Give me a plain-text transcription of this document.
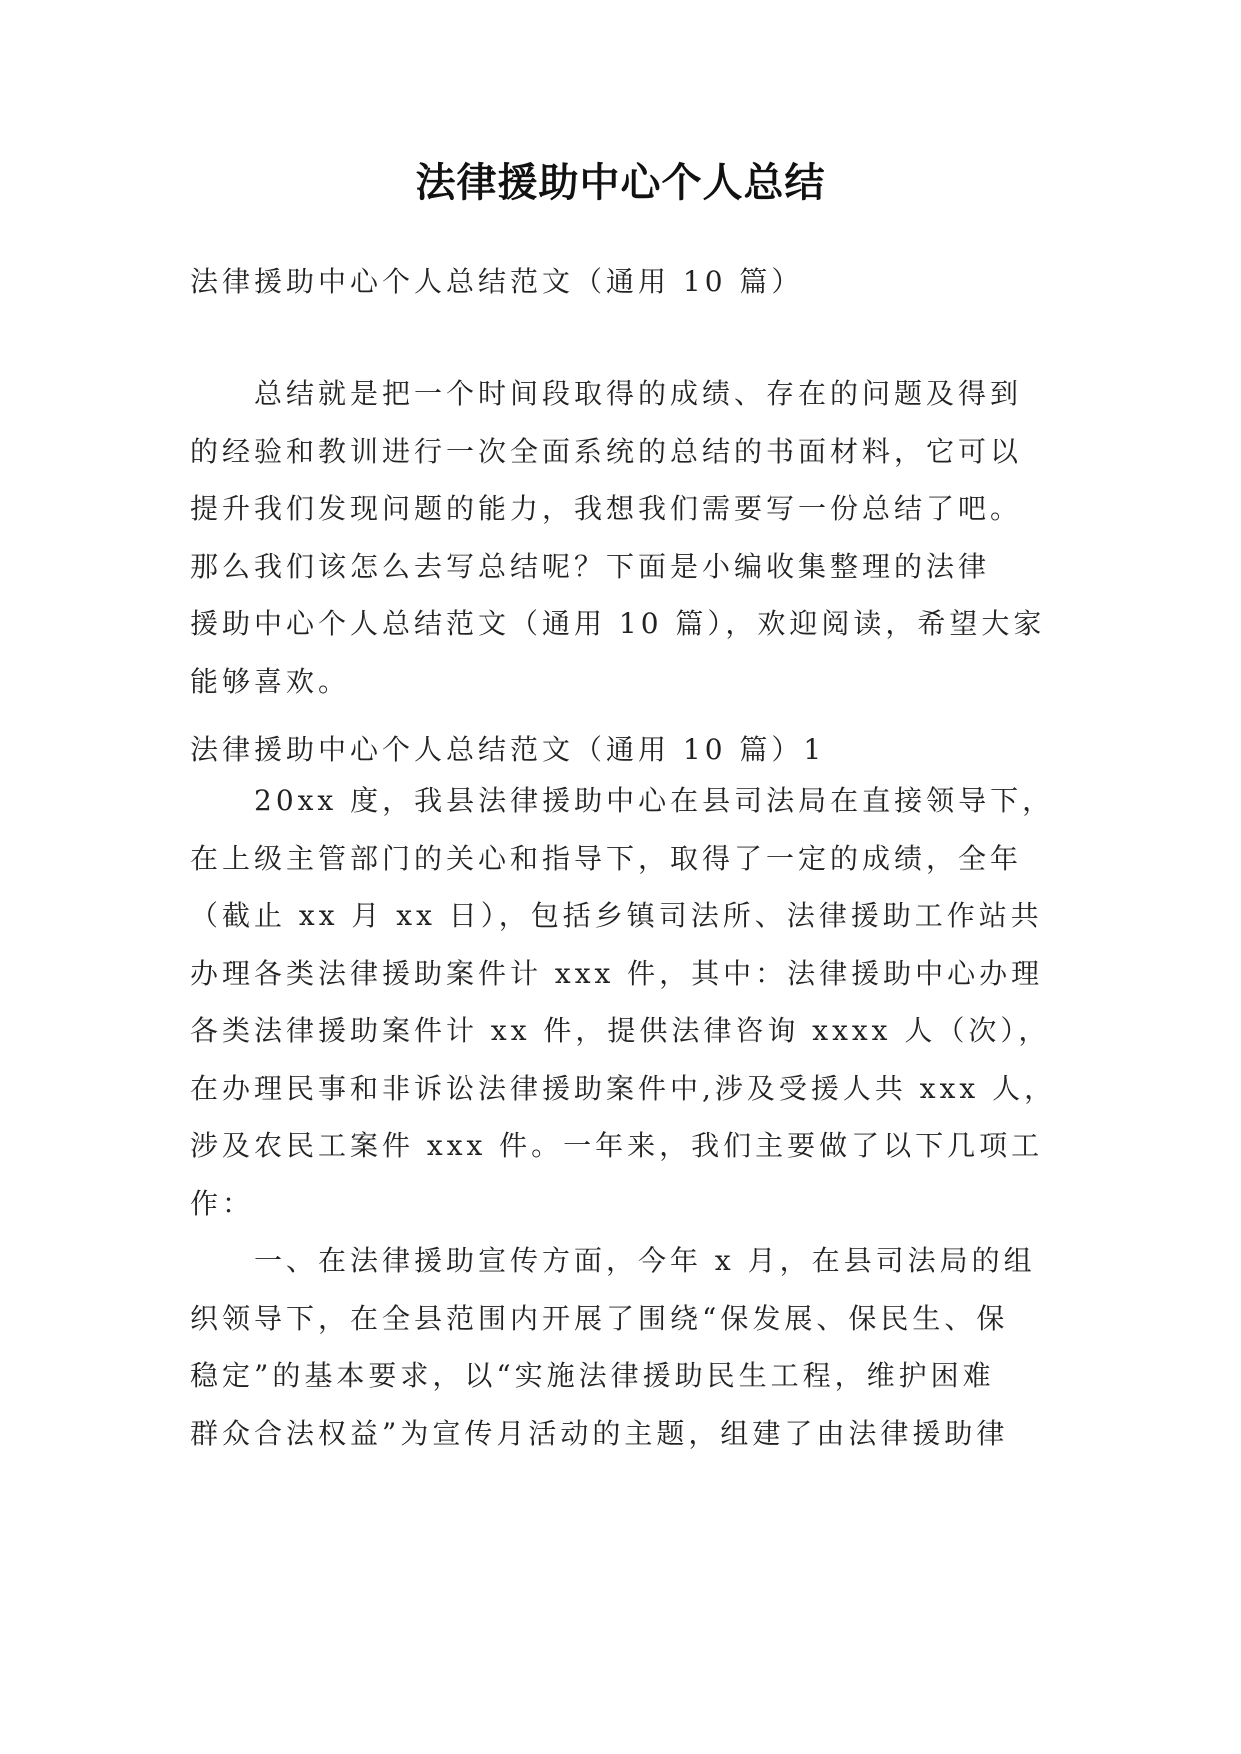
法律援助中心个人总结
法律援助中心个人总结范文（通用 10 篇）

总结就是把一个时间段取得的成绩、存在的问题及得到

的经验和教训进行一次全面系统的总结的书面材料，它可以

提升我们发现问题的能力，我想我们需要写一份总结了吧。

那么我们该怎么去写总结呢？下面是小编收集整理的法律

援助中心个人总结范文（通用 10 篇），欢迎阅读，希望大家

能够喜欢。

法律援助中心个人总结范文（通用 10 篇）1

20xx 度，我县法律援助中心在县司法局在直接领导下，

在上级主管部门的关心和指导下，取得了一定的成绩，全年

（截止 xx 月 xx 日），包括乡镇司法所、法律援助工作站共

办理各类法律援助案件计 xxx 件，其中：法律援助中心办理

各类法律援助案件计 xx 件，提供法律咨询 xxxx 人（次），

在办理民事和非诉讼法律援助案件中,涉及受援人共 xxx 人，

涉及农民工案件 xxx 件。一年来，我们主要做了以下几项工

作：

一、在法律援助宣传方面，今年 x 月，在县司法局的组

织领导下，在全县范围内开展了围绕“保发展、保民生、保

稳定”的基本要求，以“实施法律援助民生工程，维护困难

群众合法权益”为宣传月活动的主题，组建了由法律援助律
